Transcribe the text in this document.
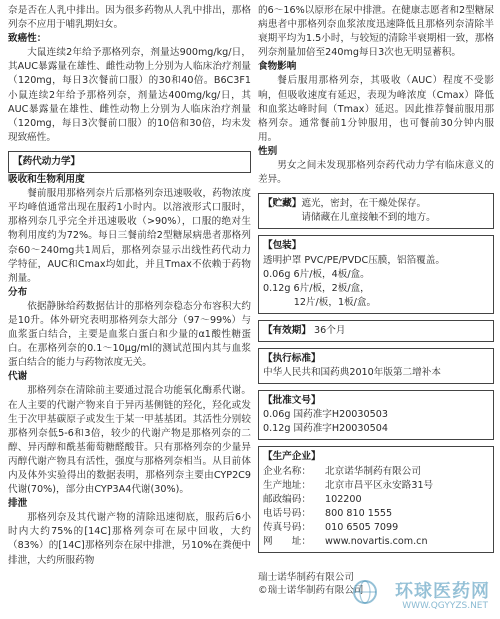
奈是否在人乳中排出。因为很多药物从人乳中排出，那格列奈不应用于哺乳期妇女。

致癌性：

大鼠连续2年给予那格列奈，剂量达900mg/kg/日，其AUC暴露量在雄性、雌性动物上分别为人临床治疗剂量（120mg，每日3次餐前口服）的30和40倍。B6C3F1小鼠连续2年给予那格列奈，剂量达400mg/kg/日，其AUC暴露量在雄性、雌性动物上分别为人临床治疗剂量（120mg，每日3次餐前口服）的10倍和30倍，均未发现致癌性。

【药代动力学】

吸收和生物利用度

餐前服用那格列奈片后那格列奈迅速吸收，药物浓度平均峰值通常出现在服药1小时内。以溶液形式口服时，那格列奈几乎完全并迅速吸收（>90%），口服的绝对生物利用度约为72%。每日三餐前给2型糖尿病患者那格列奈60～240mg共1周后，那格列奈显示出线性药代动力学特征，AUC和Cmax均如此，并且Tmax不依赖于药物剂量。

分布

依据静脉给药数据估计的那格列奈稳态分布容积大约是10升。体外研究表明那格列奈大部分（97～99%）与血浆蛋白结合，主要是血浆白蛋白和少量的α1酸性糖蛋白。在那格列奈的0.1～10μg/ml的测试范围内其与血浆蛋白结合的能力与药物浓度无关。

代谢

那格列奈在清除前主要通过混合功能氧化酶系代谢。在人主要的代谢产物来自于异丙基侧链的羟化，羟化或发生于次甲基碳原子或发生于某一甲基基团。其活性分别较那格列奈低5-6和3倍，较少的代谢产物是那格列奈的二醇、异丙醇和酰基葡萄糖醛酸苷。只有那格列奈的少量异丙醇代谢产物具有活性，强度与那格列奈相当。从目前体内及体外实验得出的数据表明，那格列奈主要由CYP2C9代谢(70%)，部分由CYP3A4代谢(30%)。

排泄

那格列奈及其代谢产物的清除迅速彻底，服药后6小时内大约75%的[14C]那格列奈可在尿中回收，大约（83%）的[14C]那格列奈在尿中排泄，另10%在粪便中排泄，大约所服药物

的6～16%以原形在尿中排泄。在健康志愿者和2型糖尿病患者中那格列奈血浆浓度迅速降低且那格列奈清除半衰期平均为1.5小时，与较短的清除半衰期相一致，那格列奈剂量加倍至240mg每日3次也无明显蓄积。

食物影响

餐后服用那格列奈，其吸收（AUC）程度不受影响，但吸收速度有延迟，表现为峰浓度（Cmax）降低和血浆达峰时间（Tmax）延迟。因此推荐餐前服用那格列奈。通常餐前1分钟服用，也可餐前30分钟内服用。

性别

男女之间未发现那格列奈药代动力学有临床意义的差异。

【贮藏】遮光，密封，在干燥处保存。
请储藏在儿童接触不到的地方。
【包装】
透明护罩 PVC/PE/PVDC压膜，铝箔覆盖。
0.06g 6片/板，4板/盒。
0.12g 6片/板，2板/盒，
12片/板，1板/盒。
【有效期】 36个月
【执行标准】
中华人民共和国药典2010年版第二增补本
【批准文号】
0.06g 国药准字H20030503
0.12g 国药准字H20030504
【生产企业】
企业名称：	北京诺华制药有限公司
生产地址：	北京市昌平区永安路31号
邮政编码：	102200
电话号码：	800 810 1555
传真号码：	010 6505 7099
网　　址：	www.novartis.com.cn
瑞士诺华制药有限公司
©瑞士诺华制药有限公司	环球医药网
WWW.QGYYZS.NET
